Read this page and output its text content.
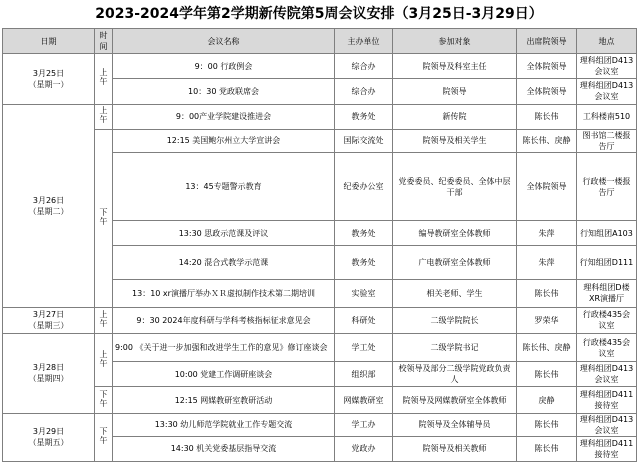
2023-2024学年第2学期新传院第5周会议安排（3月25日-3月29日）
日期	时间	会议名称	主办单位	参加对象	出席院领导	地点

3月25日
（星期一）	上午	9：00 行政例会	综合办	院领导及科室主任	全体院领导	理科组团D413会议室
		10：30 党政联席会	综合办	院领导	全体院领导	理科组团D413会议室

3月26日
（星期二）	上午	9：00产业学院建设推进会	教务处	新传院	陈长伟	工科楼南510
	下午	12:15 美国鲍尔州立大学宣讲会	国际交流处	院领导及相关学生	陈长伟、戾静	图书馆二楼报告厅
		13：45专题警示教育	纪委办公室	党委委员、纪委委员、全体中层干部	全体院领导	行政楼一楼报告厅
		13:30 思政示范课及评议	教务处	编导教研室全体教师	朱萍	行知组团A103
		14:20 混合式教学示范课	教务处	广电教研室全体教师	朱萍	行知组团D111
		13：10 xr演播厅举办ＸＲ虚拟制作技术第二期培训	实验室	相关老师、学生	陈长伟	理科组团D楼XR演播厅

3月27日
（星期三）	上午	9：30 2024年度科研与学科考核指标征求意见会	科研处	二级学院院长	罗荣华	行政楼435会议室

3月28日
（星期四）	上午	9:00 《关于进一步加强和改进学生工作的意见》修订座谈会	学工处	二级学院书记	陈长伟、戾静	行政楼435会议室
		10:00 党建工作调研座谈会	组织部	校领导及部分二级学院党政负责人	陈长伟	理科组团D413会议室
	下午	12:15 网媒教研室教研活动	网媒教研室	院领导及网媒教研室全体教师	戾静	理科组团D411接待室

3月29日
（星期五）	下午	13:30 幼儿师范学院就业工作专题交流	学工办	院领导及全体辅导员	陈长伟	理科组团D413会议室
		14:30 机关党委基层指导交流	党政办	院领导及相关教师	陈长伟	理科组团D411接待室
